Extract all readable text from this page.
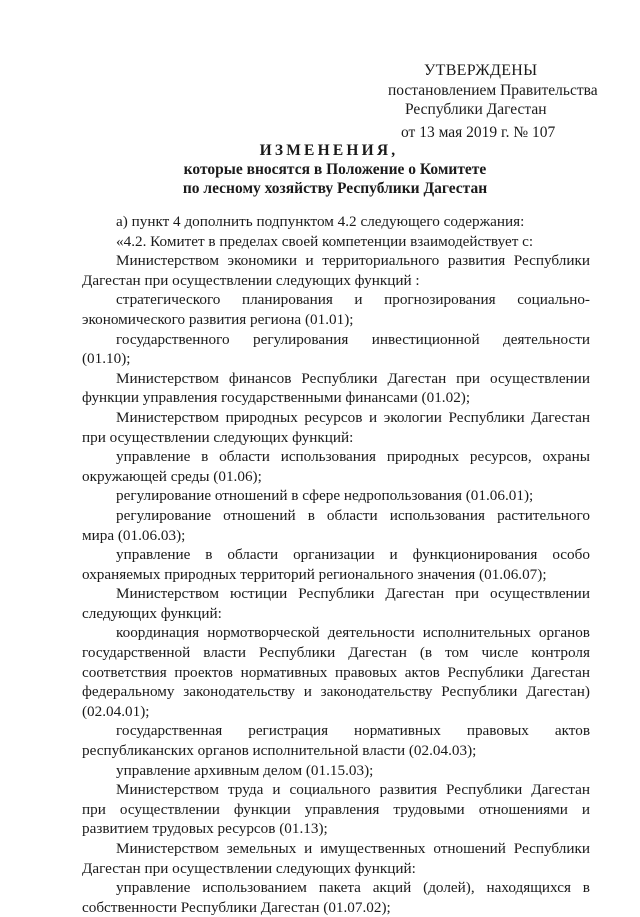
УТВЕРЖДЕНЫ
постановлением Правительства
Республики Дагестан
от 13 мая 2019 г. № 107
ИЗМЕНЕНИЯ,
которые вносятся в Положение о Комитете
по лесному хозяйству Республики Дагестан
а) пункт 4 дополнить подпунктом 4.2 следующего содержания:
«4.2. Комитет в пределах своей компетенции взаимодействует с:
Министерством экономики и территориального развития Республики
Дагестан при осуществлении следующих функций :
стратегического планирования и прогнозирования социально-
экономического развития региона (01.01);
государственного регулирования инвестиционной деятельности
(01.10);
Министерством финансов Республики Дагестан при осуществлении
функции управления государственными финансами (01.02);
Министерством природных ресурсов и экологии Республики Дагестан
при осуществлении следующих функций:
управление в области использования природных ресурсов, охраны
окружающей среды (01.06);
регулирование отношений в сфере недропользования (01.06.01);
регулирование отношений в области использования растительного
мира (01.06.03);
управление в области организации и функционирования особо
охраняемых природных территорий регионального значения (01.06.07);
Министерством юстиции Республики Дагестан при осуществлении
следующих функций:
координация нормотворческой деятельности исполнительных органов
государственной власти Республики Дагестан (в том числе контроля
соответствия проектов нормативных правовых актов Республики Дагестан
федеральному законодательству и законодательству Республики Дагестан)
(02.04.01);
государственная регистрация нормативных правовых актов
республиканских органов исполнительной власти (02.04.03);
управление архивным делом (01.15.03);
Министерством труда и социального развития Республики Дагестан
при осуществлении функции управления трудовыми отношениями и
развитием трудовых ресурсов (01.13);
Министерством земельных и имущественных отношений Республики
Дагестан при осуществлении следующих функций:
управление использованием пакета акций (долей), находящихся в
собственности Республики Дагестан (01.07.02);
